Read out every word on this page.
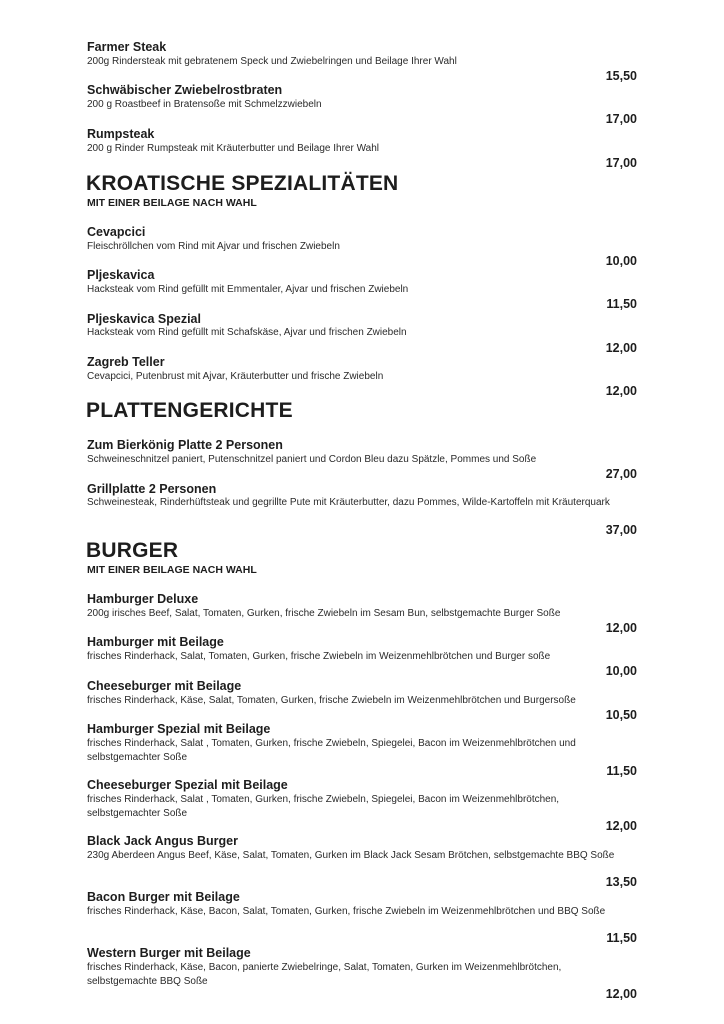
Farmer Steak
200g Rindersteak mit gebratenem Speck und Zwiebelringen und Beilage Ihrer Wahl
15,50
Schwäbischer Zwiebelrostbraten
200 g Roastbeef in Bratensoße mit Schmelzzwiebeln
17,00
Rumpsteak
200 g Rinder Rumpsteak mit Kräuterbutter und Beilage Ihrer Wahl
17,00
KROATISCHE SPEZIALITÄTEN
MIT EINER BEILAGE NACH WAHL
Cevapcici
Fleischröllchen vom Rind mit Ajvar und frischen Zwiebeln
10,00
Pljeskavica
Hacksteak vom Rind gefüllt mit Emmentaler, Ajvar und frischen Zwiebeln
11,50
Pljeskavica Spezial
Hacksteak vom Rind gefüllt mit Schafskäse, Ajvar und frischen Zwiebeln
12,00
Zagreb Teller
Cevapcici, Putenbrust mit Ajvar, Kräuterbutter und frische Zwiebeln
12,00
PLATTENGERICHTE
Zum Bierkönig Platte 2 Personen
Schweineschnitzel paniert, Putenschnitzel paniert und Cordon Bleu dazu Spätzle, Pommes und Soße
27,00
Grillplatte 2 Personen
Schweinesteak, Rinderhüftsteak und gegrillte Pute mit Kräuterbutter, dazu Pommes, Wilde-Kartoffeln mit Kräuterquark
37,00
BURGER
MIT EINER BEILAGE NACH WAHL
Hamburger Deluxe
200g irisches Beef, Salat, Tomaten, Gurken, frische Zwiebeln im Sesam Bun, selbstgemachte Burger Soße
12,00
Hamburger mit Beilage
frisches Rinderhack, Salat, Tomaten, Gurken, frische Zwiebeln im Weizenmehlbrötchen und Burger soße
10,00
Cheeseburger mit Beilage
frisches Rinderhack, Käse, Salat, Tomaten, Gurken, frische Zwiebeln im Weizenmehlbrötchen und Burgersoße
10,50
Hamburger Spezial mit Beilage
frisches Rinderhack, Salat , Tomaten, Gurken, frische Zwiebeln, Spiegelei, Bacon im Weizenmehlbrötchen und selbstgemachter Soße
11,50
Cheeseburger Spezial mit Beilage
frisches Rinderhack, Salat , Tomaten, Gurken, frische Zwiebeln, Spiegelei, Bacon im Weizenmehlbrötchen, selbstgemachter Soße
12,00
Black Jack Angus Burger
230g Aberdeen Angus Beef, Käse, Salat, Tomaten, Gurken im Black Jack Sesam Brötchen, selbstgemachte BBQ Soße
13,50
Bacon Burger mit Beilage
frisches Rinderhack, Käse, Bacon, Salat, Tomaten, Gurken, frische Zwiebeln im Weizenmehlbrötchen und BBQ Soße
11,50
Western Burger mit Beilage
frisches Rinderhack, Käse, Bacon, panierte Zwiebelringe, Salat, Tomaten, Gurken im Weizenmehlbrötchen, selbstgemachte BBQ Soße
12,00
